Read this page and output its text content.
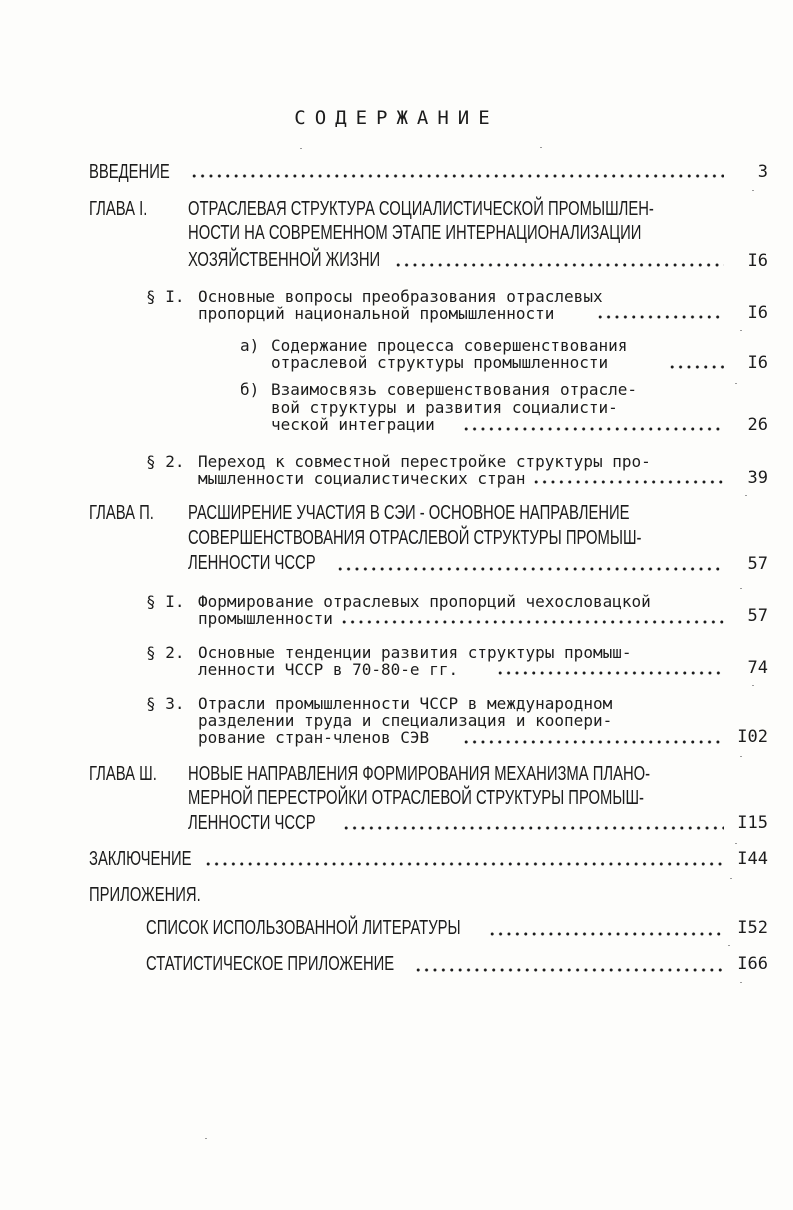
СОДЕРЖАНИЕ
ВВЕДЕНИЕ	3
ГЛАВА I. ОТРАСЛЕВАЯ СТРУКТУРА СОЦИАЛИСТИЧЕСКОЙ ПРОМЫШЛЕН-
НОСТИ НА СОВРЕМЕННОМ ЭТАПЕ ИНТЕРНАЦИОНАЛИЗАЦИИ
ХОЗЯЙСТВЕННОЙ ЖИЗНИ	I6
§ I. Основные вопросы преобразования отраслевых
пропорций национальной промышленности	I6
а) Содержание процесса совершенствования
отраслевой структуры промышленности	I6
б) Взаимосвязь совершенствования отрасле-
вой структуры и развития социалисти-
ческой интеграции	26
§ 2. Переход к совместной перестройке структуры про-
мышленности социалистических стран	39
ГЛАВА П. РАСШИРЕНИЕ УЧАСТИЯ В СЭИ - ОСНОВНОЕ НАПРАВЛЕНИЕ
СОВЕРШЕНСТВОВАНИЯ ОТРАСЛЕВОЙ СТРУКТУРЫ ПРОМЫШ-
ЛЕННОСТИ ЧССР	57
§ I. Формирование отраслевых пропорций чехословацкой
промышленности	57
§ 2. Основные тенденции развития структуры промыш-
ленности ЧССР в 70-80-е гг.	74
§ 3. Отрасли промышленности ЧССР в международном
разделении труда и специализация и коопери-
рование стран-членов СЭВ	I02
ГЛАВА Ш. НОВЫЕ НАПРАВЛЕНИЯ ФОРМИРОВАНИЯ МЕХАНИЗМА ПЛАНО-
МЕРНОЙ ПЕРЕСТРОЙКИ ОТРАСЛЕВОЙ СТРУКТУРЫ ПРОМЫШ-
ЛЕННОСТИ ЧССР	I15
ЗАКЛЮЧЕНИЕ	I44
ПРИЛОЖЕНИЯ.
СПИСОК ИСПОЛЬЗОВАННОЙ ЛИТЕРАТУРЫ	I52
СТАТИСТИЧЕСКОЕ ПРИЛОЖЕНИЕ	I66
